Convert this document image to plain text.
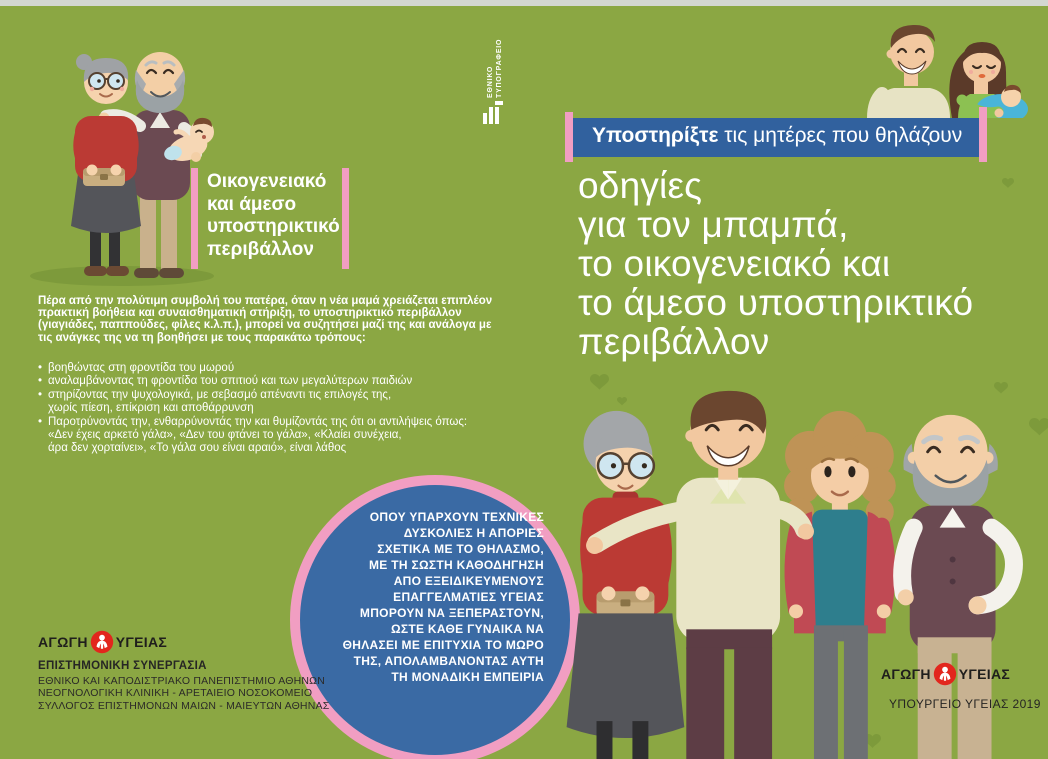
ΕΘΝΙΚΟ ΤΥΠΟΓΡΑΦΕΙΟ
Οικογενειακό
και άμεσο
υποστηρικτικό
περιβάλλον
Πέρα από την πολύτιμη συμβολή του πατέρα, όταν η νέα μαμά χρειάζεται επιπλέον
πρακτική βοήθεια και συναισθηματική στήριξη, το υποστηρικτικό περιβάλλον
(γιαγιάδες, παππούδες, φίλες κ.λ.π.), μπορεί να συζητήσει μαζί της και ανάλογα με
τις ανάγκες της να τη βοηθήσει με τους παρακάτω τρόπους:
• βοηθώντας στη φροντίδα του μωρού
• αναλαμβάνοντας τη φροντίδα του σπιτιού και των μεγαλύτερων παιδιών
• στηρίζοντας την ψυχολογικά, με σεβασμό απέναντι τις επιλογές της,
χωρίς πίεση, επίκριση και αποθάρρυνση
• Παροτρύνοντάς την, ενθαρρύνοντάς την και θυμίζοντάς της ότι οι αντιλήψεις όπως:
«Δεν έχεις αρκετό γάλα», «Δεν του φτάνει το γάλα», «Κλαίει συνέχεια,
άρα δεν χορταίνει», «Το γάλα σου είναι αραιό», είναι λάθος
ΟΠΟΥ ΥΠΑΡΧΟΥΝ ΤΕΧΝΙΚΕΣ
ΔΥΣΚΟΛΙΕΣ Η ΑΠΟΡΙΕΣ
ΣΧΕΤΙΚΑ ΜΕ ΤΟ ΘΗΛΑΣΜΟ,
ΜΕ ΤΗ ΣΩΣΤΗ ΚΑΘΟΔΗΓΗΣΗ
ΑΠΟ ΕΞΕΙΔΙΚΕΥΜΕΝΟΥΣ
ΕΠΑΓΓΕΛΜΑΤΙΕΣ ΥΓΕΙΑΣ
ΜΠΟΡΟΥΝ ΝΑ ΞΕΠΕΡΑΣΤΟΥΝ,
ΩΣΤΕ ΚΑΘΕ ΓΥΝΑΙΚΑ ΝΑ
ΘΗΛΑΣΕΙ ΜΕ ΕΠΙΤΥΧΙΑ ΤΟ ΜΩΡΟ
ΤΗΣ, ΑΠΟΛΑΜΒΑΝΟΝΤΑΣ ΑΥΤΗ
ΤΗ ΜΟΝΑΔΙΚΗ ΕΜΠΕΙΡΙΑ
ΑΓΩΓΗ ΥΓΕΙΑΣ
ΕΠΙΣΤΗΜΟΝΙΚΗ ΣΥΝΕΡΓΑΣΙΑ
ΕΘΝΙΚΟ ΚΑΙ ΚΑΠΟΔΙΣΤΡΙΑΚΟ ΠΑΝΕΠΙΣΤΗΜΙΟ ΑΘΗΝΩΝ
ΝΕΟΓΝΟΛΟΓΙΚΗ ΚΛΙΝΙΚΗ - ΑΡΕΤΑΙΕΙΟ ΝΟΣΟΚΟΜΕΙΟ
ΣΥΛΛΟΓΟΣ ΕΠΙΣΤΗΜΟΝΩΝ ΜΑΙΩΝ - ΜΑΙΕΥΤΩΝ ΑΘΗΝΑΣ
Υποστηρίξτε τις μητέρες που θηλάζουν
οδηγίες
για τον μπαμπά,
το οικογενειακό και
το άμεσο υποστηρικτικό
περιβάλλον
ΑΓΩΓΗ ΥΓΕΙΑΣ
ΥΠΟΥΡΓΕΙΟ ΥΓΕΙΑΣ 2019
